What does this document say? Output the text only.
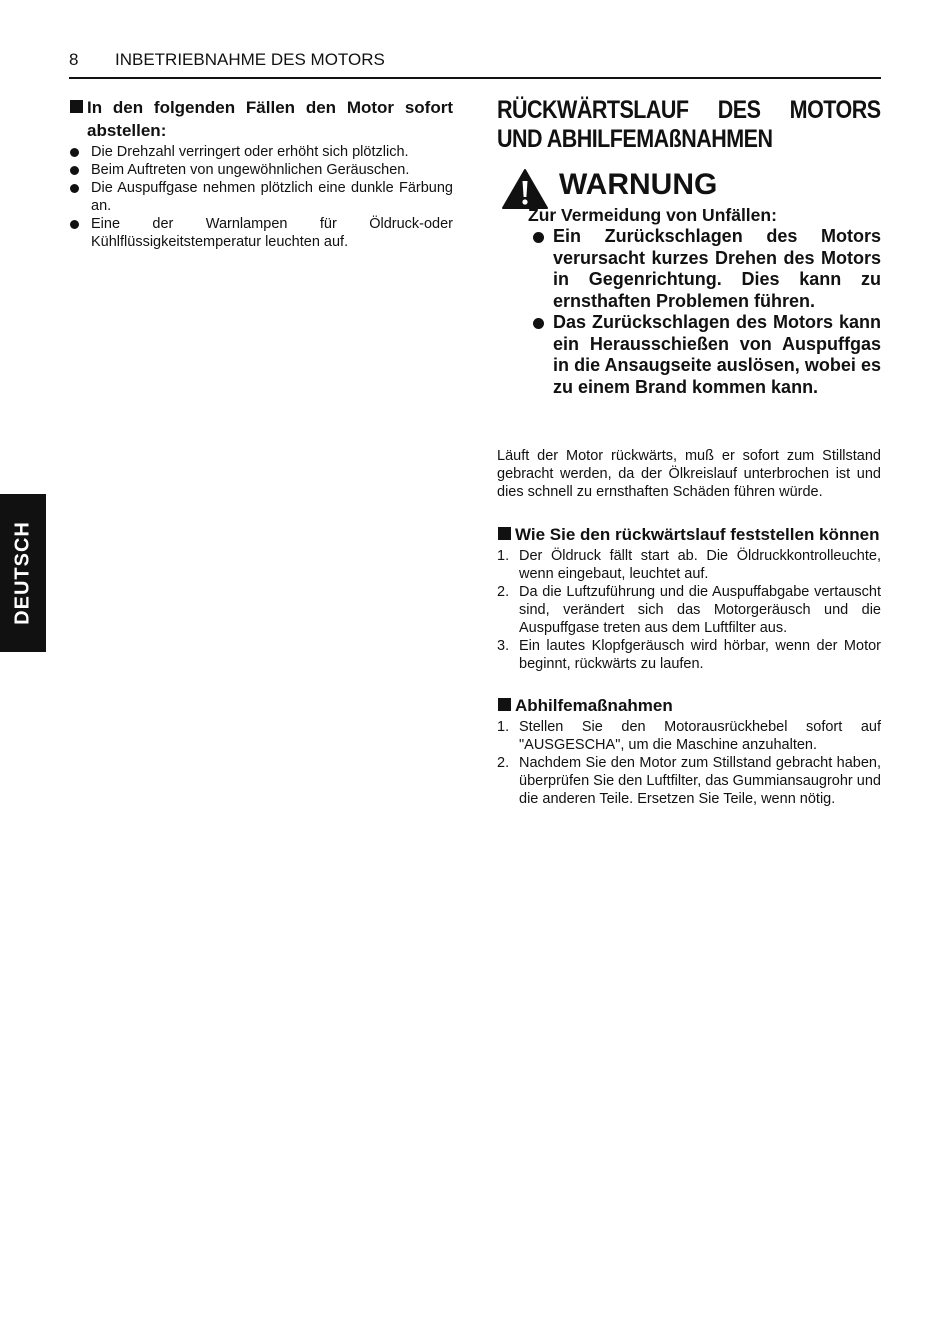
8 INBETRIEBNAHME DES MOTORS
DEUTSCH
In den folgenden Fällen den Motor sofort abstellen:
Die Drehzahl verringert oder erhöht sich plötzlich.
Beim Auftreten von ungewöhnlichen Geräuschen.
Die Auspuffgase nehmen plötzlich eine dunkle Färbung an.
Eine der Warnlampen für Öldruck-oder Kühlflüssigkeitstemperatur leuchten auf.
RÜCKWÄRTSLAUF DES MOTORS UND ABHILFEMAßNAHMEN
WARNUNG
Zur Vermeidung von Unfällen:
Ein Zurückschlagen des Motors verursacht kurzes Drehen des Motors in Gegenrichtung. Dies kann zu ernsthaften Problemen führen.
Das Zurückschlagen des Motors kann ein Herausschießen von Auspuffgas in die Ansaugseite auslösen, wobei es zu einem Brand kommen kann.
Läuft der Motor rückwärts, muß er sofort zum Stillstand gebracht werden, da der Ölkreislauf unterbrochen ist und dies schnell zu ernsthaften Schäden führen würde.
Wie Sie den rückwärtslauf feststellen können
1. Der Öldruck fällt start ab. Die Öldruckkontrolleuchte, wenn eingebaut, leuchtet auf.
2. Da die Luftzuführung und die Auspuffabgabe vertauscht sind, verändert sich das Motorgeräusch und die Auspuffgase treten aus dem Luftfilter aus.
3. Ein lautes Klopfgeräusch wird hörbar, wenn der Motor beginnt, rückwärts zu laufen.
Abhilfemaßnahmen
1. Stellen Sie den Motorausrückhebel sofort auf "AUSGESCHA", um die Maschine anzuhalten.
2. Nachdem Sie den Motor zum Stillstand gebracht haben, überprüfen Sie den Luftfilter, das Gummiansaugrohr und die anderen Teile. Ersetzen Sie Teile, wenn nötig.
